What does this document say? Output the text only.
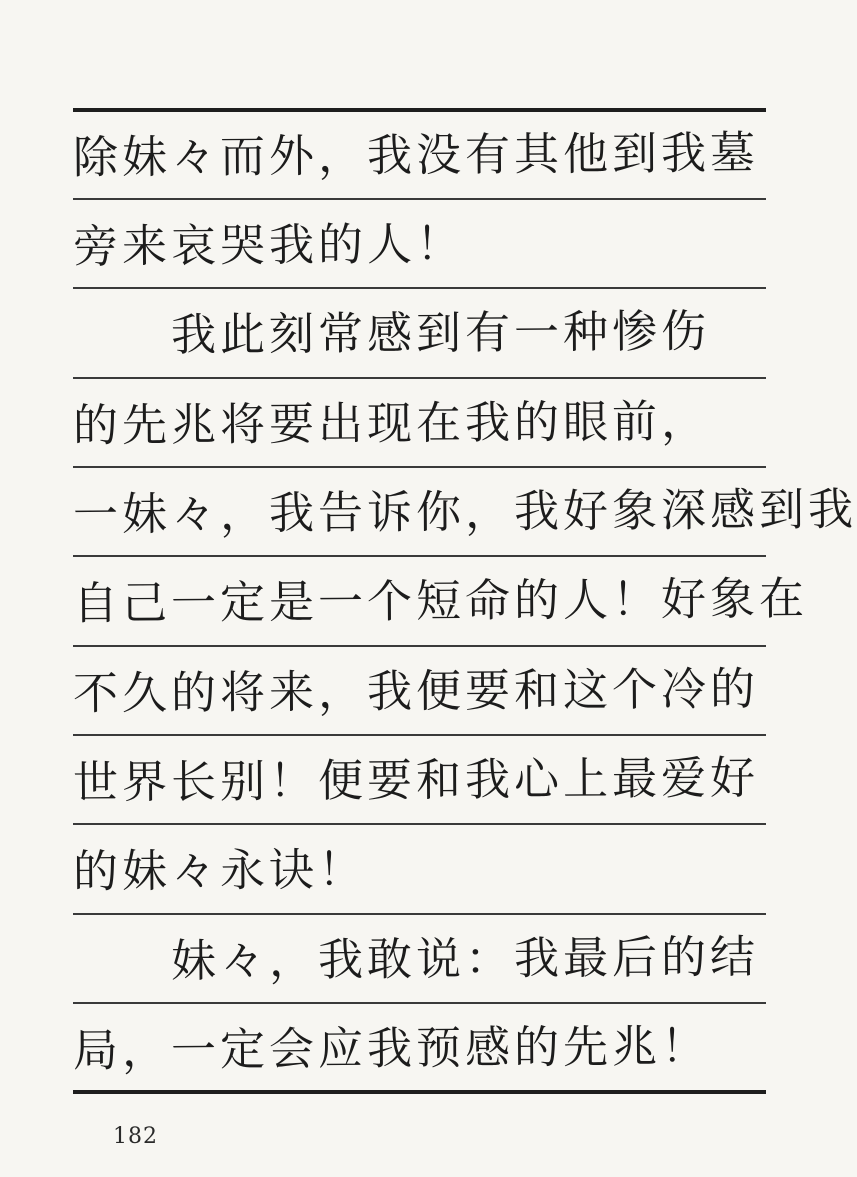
除妹々而外，我没有其他到我墓
旁来哀哭我的人！
　　我此刻常感到有一种惨伤
的先兆将要出现在我的眼前，
一妹々，我告诉你，我好象深感到我
自己一定是一个短命的人！好象在
不久的将来，我便要和这个冷的
世界长别！便要和我心上最爱好
的妹々永诀！
　　妹々，我敢说：我最后的结
局，一定会应我预感的先兆！
182
